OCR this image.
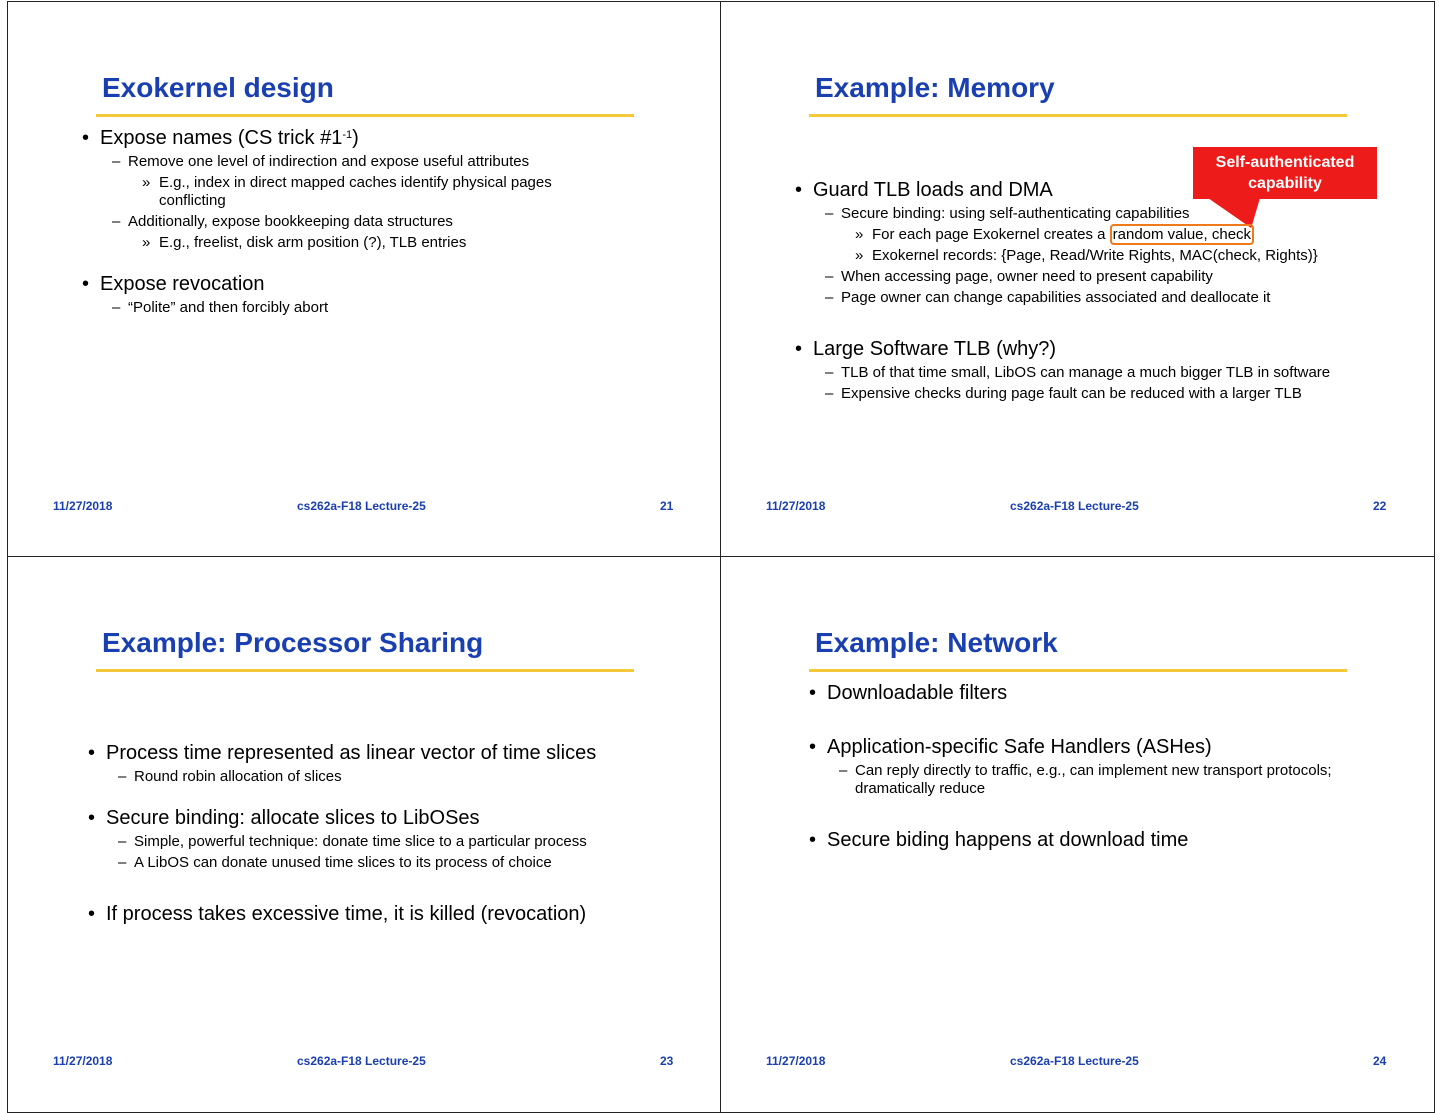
Exokernel design
• Expose names (CS trick $\#1^{-1}$)
– Remove one level of indirection and expose useful attributes
» E.g., index in direct mapped caches identify physical pages conflicting
– Additionally, expose bookkeeping data structures
» E.g., freelist, disk arm position (?), TLB entries
• Expose revocation
– “Polite” and then forcibly abort
11/27/2018	cs262a-F18 Lecture-25	21
Example: Memory
Self-authenticated capability
• Guard TLB loads and DMA
– Secure binding: using self-authenticating capabilities
» For each page Exokernel creates a random value, check
» Exokernel records: {Page, Read/Write Rights, MAC(check, Rights)}
– When accessing page, owner need to present capability
– Page owner can change capabilities associated and deallocate it
• Large Software TLB (why?)
– TLB of that time small, LibOS can manage a much bigger TLB in software
– Expensive checks during page fault can be reduced with a larger TLB
11/27/2018	cs262a-F18 Lecture-25	22
Example: Processor Sharing
• Process time represented as linear vector of time slices
– Round robin allocation of slices
• Secure binding: allocate slices to LibOSes
– Simple, powerful technique: donate time slice to a particular process
– A LibOS can donate unused time slices to its process of choice
• If process takes excessive time, it is killed (revocation)
11/27/2018	cs262a-F18 Lecture-25	23
Example: Network
• Downloadable filters
• Application-specific Safe Handlers (ASHes)
– Can reply directly to traffic, e.g., can implement new transport protocols; dramatically reduce
• Secure biding happens at download time
11/27/2018	cs262a-F18 Lecture-25	24
